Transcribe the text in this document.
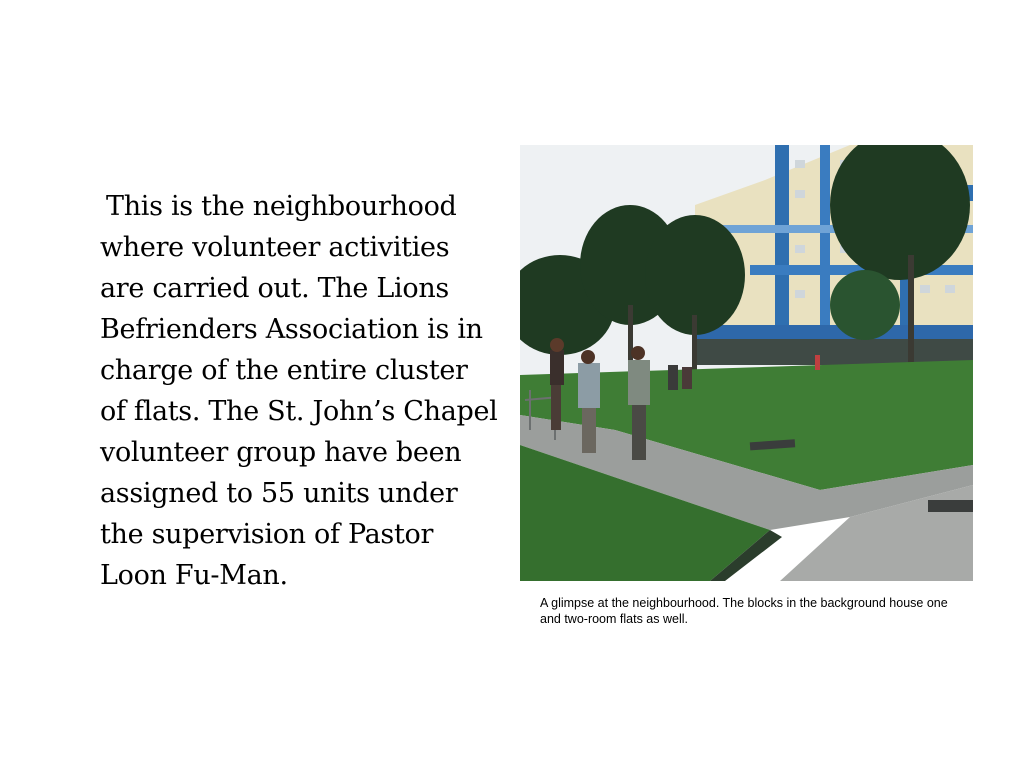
This is the neighbourhood where volunteer activities are carried out. The Lions Befrienders Association is in charge of the entire cluster of flats. The St. John’s Chapel volunteer group have been assigned to 55 units under the supervision of Pastor Loon Fu-Man.
A glimpse at the neighbourhood. The blocks in the background house one and two-room flats as well.
